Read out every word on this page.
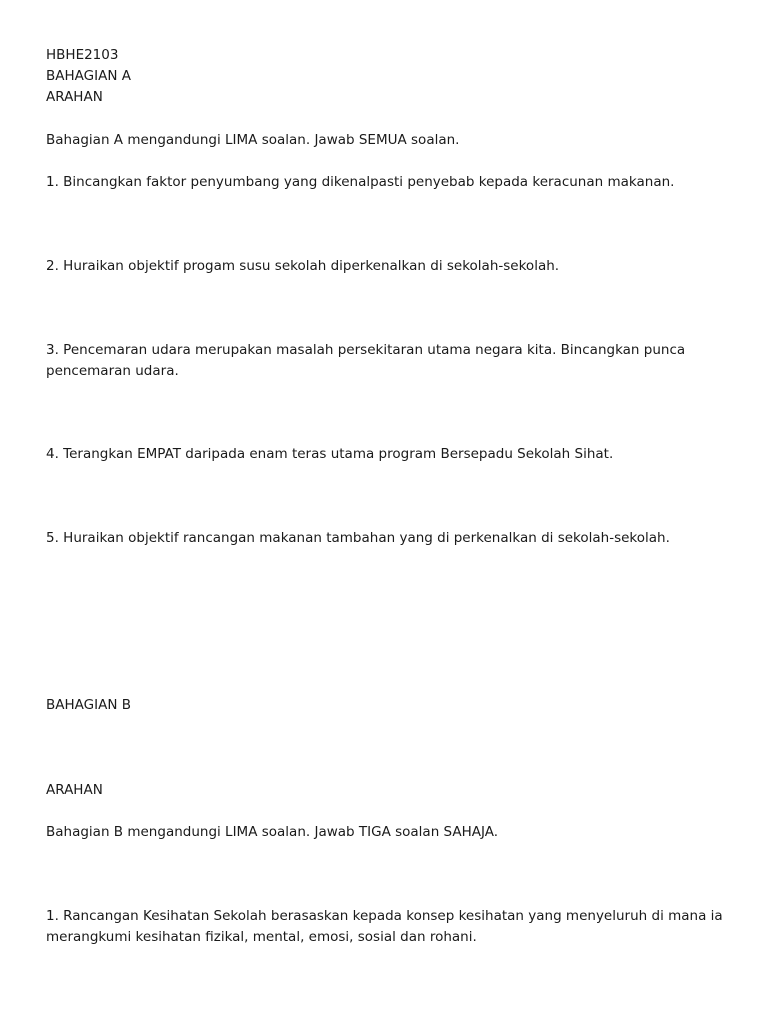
HBHE2103
BAHAGIAN A
ARAHAN
Bahagian A mengandungi LIMA soalan. Jawab SEMUA soalan.
1. Bincangkan faktor penyumbang yang dikenalpasti penyebab kepada keracunan makanan.
2. Huraikan objektif progam susu sekolah diperkenalkan di sekolah-sekolah.
3. Pencemaran udara merupakan masalah persekitaran utama negara kita. Bincangkan punca pencemaran udara.
4. Terangkan EMPAT daripada enam teras utama program Bersepadu Sekolah Sihat.
5. Huraikan objektif rancangan makanan tambahan yang di perkenalkan di sekolah-sekolah.
BAHAGIAN B
ARAHAN
Bahagian B mengandungi LIMA soalan. Jawab TIGA soalan SAHAJA.
1. Rancangan Kesihatan Sekolah berasaskan kepada konsep kesihatan yang menyeluruh di mana ia merangkumi kesihatan fizikal, mental, emosi, sosial dan rohani.
